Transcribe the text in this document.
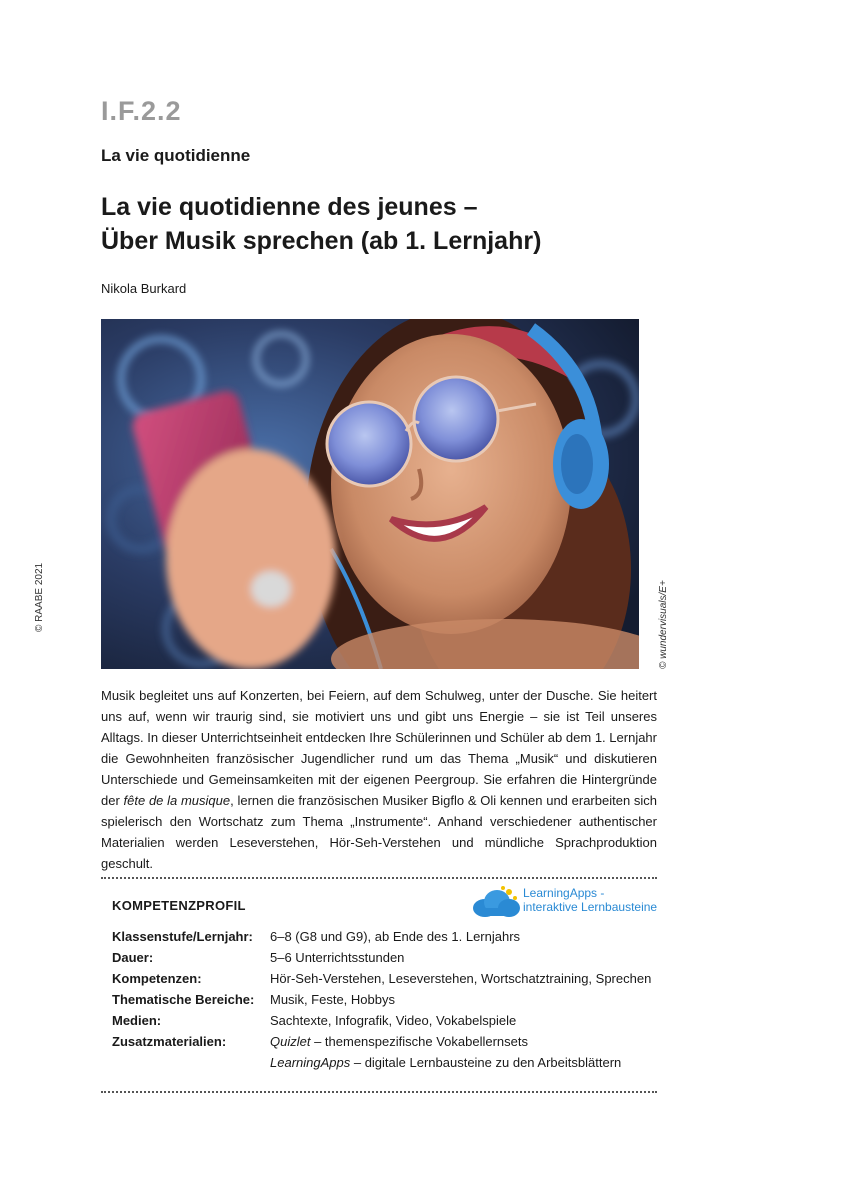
I.F.2.2
La vie quotidienne
La vie quotidienne des jeunes –
Über Musik sprechen (ab 1. Lernjahr)
Nikola Burkard
© RAABE 2021	© wundervisuals/E+
Musik begleitet uns auf Konzerten, bei Feiern, auf dem Schulweg, unter der Dusche. Sie heitert uns auf, wenn wir traurig sind, sie motiviert uns und gibt uns Energie – sie ist Teil unseres Alltags. In dieser Unterrichtseinheit entdecken Ihre Schülerinnen und Schüler ab dem 1. Lernjahr die Gewohnheiten französischer Jugendlicher rund um das Thema „Musik“ und diskutieren Unterschiede und Gemeinsamkeiten mit der eigenen Peergroup. Sie erfahren die Hintergründe der fête de la musique, lernen die französischen Musiker Bigflo & Oli kennen und erarbeiten sich spielerisch den Wortschatz zum Thema „Instrumente“. Anhand verschiedener authentischer Materialien werden Leseverstehen, Hör-Seh-Verstehen und mündliche Sprachproduktion geschult.
KOMPETENZPROFIL
LearningApps -
interaktive Lernbausteine
Klassenstufe/Lernjahr:	6–8 (G8 und G9), ab Ende des 1. Lernjahrs
Dauer:	5–6 Unterrichtsstunden
Kompetenzen:	Hör-Seh-Verstehen, Leseverstehen, Wortschatztraining, Sprechen
Thematische Bereiche:	Musik, Feste, Hobbys
Medien:	Sachtexte, Infografik, Video, Vokabelspiele
Zusatzmaterialien:	Quizlet – themenspezifische Vokabellernsets
LearningApps – digitale Lernbausteine zu den Arbeitsblättern
